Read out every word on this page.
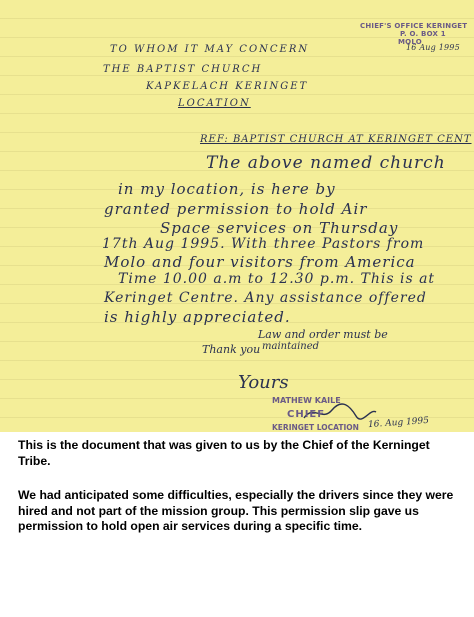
CHIEF'S OFFICE KERINGET
P. O. BOX 1
MOLO
16 Aug 1995
TO WHOM IT MAY CONCERN
THE BAPTIST CHURCH
KAPKELACH KERINGET
LOCATION
REF: BAPTIST CHURCH AT KERINGET CENT
The above named church
in my location, is here by
granted permission to hold Air
Space services on Thursday
17th Aug 1995. With three Pastors from
Molo and four visitors from America
Time 10.00 a.m to 12.30 p.m. This is at
Keringet Centre. Any assistance offered
is highly appreciated.
Law and order must be
maintained
Thank you
Yours
MATHEW KAILE
CHIEF
KERINGET LOCATION 16. Aug 1995

This is the document that was given to us by the Chief of the Kerninget Tribe.

We had anticipated some difficulties, especially the drivers since they were hired and not part of the mission group. This permission slip gave us permission to hold open air services during a specific time.
